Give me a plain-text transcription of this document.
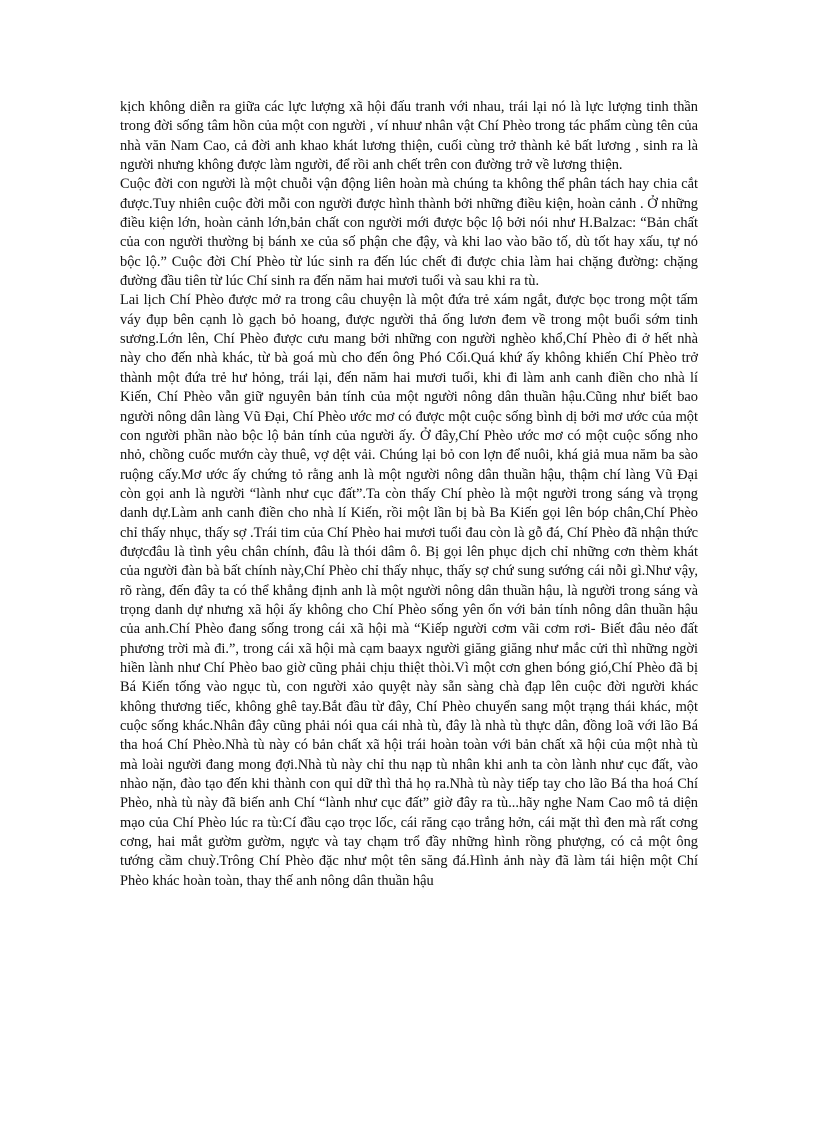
kịch không diễn ra giữa các lực lượng xã hội đấu tranh với nhau, trái lại nó là lực lượng tinh thần trong đời sống tâm hồn của một con người , ví nhuư nhân vật Chí Phèo trong tác phẩm cùng tên của nhà văn Nam Cao, cả đời anh khao khát lương thiện, cuối cùng trở thành kẻ bất lương , sinh ra là người nhưng không được làm người, để rồi anh chết trên con đường trở về lương thiện.

Cuộc đời con người là một chuỗi vận động liên hoàn mà chúng ta không thể phân tách hay chia cắt được.Tuy nhiên cuộc đời mỗi con người được hình thành bởi những điều kiện, hoàn cảnh . Ở những điều kiện lớn, hoàn cảnh lớn,bản chất con người mới được bộc lộ bởi nói như H.Balzac: “Bản chất của con người thường bị bánh xe của số phận che đậy, và khi lao vào bão tố, dù tốt hay xấu, tự nó bộc lộ.” Cuộc đời Chí Phèo từ lúc sinh ra đến lúc chết đi được chia làm hai chặng đường: chặng đường đầu tiên từ lúc Chí sinh ra đến năm hai mươi tuổi và sau khi ra tù.

Lai lịch Chí Phèo được mở ra trong câu chuyện là một đứa trẻ xám ngắt, được bọc trong một tấm váy đụp bên cạnh lò gạch bỏ hoang, được người thả ống lươn đem về trong một buổi sớm tinh sương.Lớn lên, Chí Phèo được cưu mang bởi những con người nghèo khổ,Chí Phèo đi ở hết nhà này cho đến nhà khác, từ bà goá mù cho đến ông Phó Cối.Quá khứ ấy không khiến Chí Phèo trở thành một đứa trẻ hư hỏng, trái lại, đến năm hai mươi tuổi, khi đi làm anh canh điền cho nhà lí Kiến, Chí Phèo vẫn giữ nguyên bản tính của một người nông dân thuần hậu.Cũng như biết bao người nông dân làng Vũ Đại, Chí Phèo ước mơ có được một cuộc sống bình dị bởi mơ ước của một con người phần nào bộc lộ bản tính của người ấy. Ở đây,Chí Phèo ước mơ có một cuộc sống nho nhỏ, chồng cuốc mướn cày thuê, vợ dệt vải. Chúng lại bỏ con lợn để nuôi, khá giả mua năm ba sào ruộng cấy.Mơ ước ấy chứng tỏ rằng anh là một người nông dân thuần hậu, thậm chí làng Vũ Đại còn gọi anh là người “lành như cục đất”.Ta còn thấy Chí phèo là một người trong sáng và trọng danh dự.Làm anh canh điền cho nhà lí Kiến, rồi một lần bị bà Ba Kiến gọi lên bóp chân,Chí Phèo chỉ thấy nhục, thấy sợ .Trái tim của Chí Phèo hai mươi tuổi đau còn là gỗ đá, Chí Phèo đã nhận thức đượcđâu là tình yêu chân chính, đâu là thói dâm ô. Bị gọi lên phục dịch chỉ những cơn thèm khát của người đàn bà bất chính này,Chí Phèo chỉ thấy nhục, thấy sợ chứ sung sướng cái nỗi gì.Như vậy, rõ ràng, đến đây ta có thể khẳng định anh là một người nông dân thuần hậu, là người trong sáng và trọng danh dự nhưng xã hội ấy không cho Chí Phèo sống yên ổn với bản tính nông dân thuần hậu của anh.Chí Phèo đang sống trong cái xã hội mà “Kiếp người cơm vãi cơm rơi- Biết đâu nẻo đất phương trời mà đi.”, trong cái xã hội mà cạm baayx người giăng giăng như mắc cửi thì những ngời hiền lành như Chí Phèo bao giờ cũng phải chịu thiệt thòi.Vì một cơn ghen bóng gió,Chí Phèo đã bị Bá Kiến tống vào ngục tù, con người xảo quyệt này sẵn sàng chà đạp lên cuộc đời người khác không thương tiếc, không ghê tay.Bắt đầu từ đây, Chí Phèo chuyển sang một trạng thái khác, một cuộc sống khác.Nhân đây cũng phải nói qua cái nhà tù, đây là nhà tù thực dân, đồng loã với lão Bá tha hoá Chí Phèo.Nhà tù này có bản chất xã hội trái hoàn toàn với bản chất xã hội của một nhà tù mà loài người đang mong đợi.Nhà tù này chỉ thu nạp tù nhân khi anh ta còn lành như cục đất, vào nhào nặn, đào tạo đến khi thành con quỉ dữ thì thả họ ra.Nhà tù này tiếp tay cho lão Bá tha hoá Chí Phèo, nhà tù này đã biến anh Chí “lành như cục đất” giờ đây ra tù...hãy nghe Nam Cao mô tả diện mạo của Chí Phèo lúc ra tù:Cí đầu cạo trọc lốc, cái răng cạo trắng hởn, cái mặt thì đen mà rất cơng cơng, hai mắt gườm gườm, ngực và tay chạm trổ đầy những hình rồng phượng, có cả một ông tướng cầm chuỳ.Trông Chí Phèo đặc như một tên săng đá.Hình ảnh này đã làm tái hiện một Chí Phèo khác hoàn toàn, thay thế anh nông dân thuần hậu
